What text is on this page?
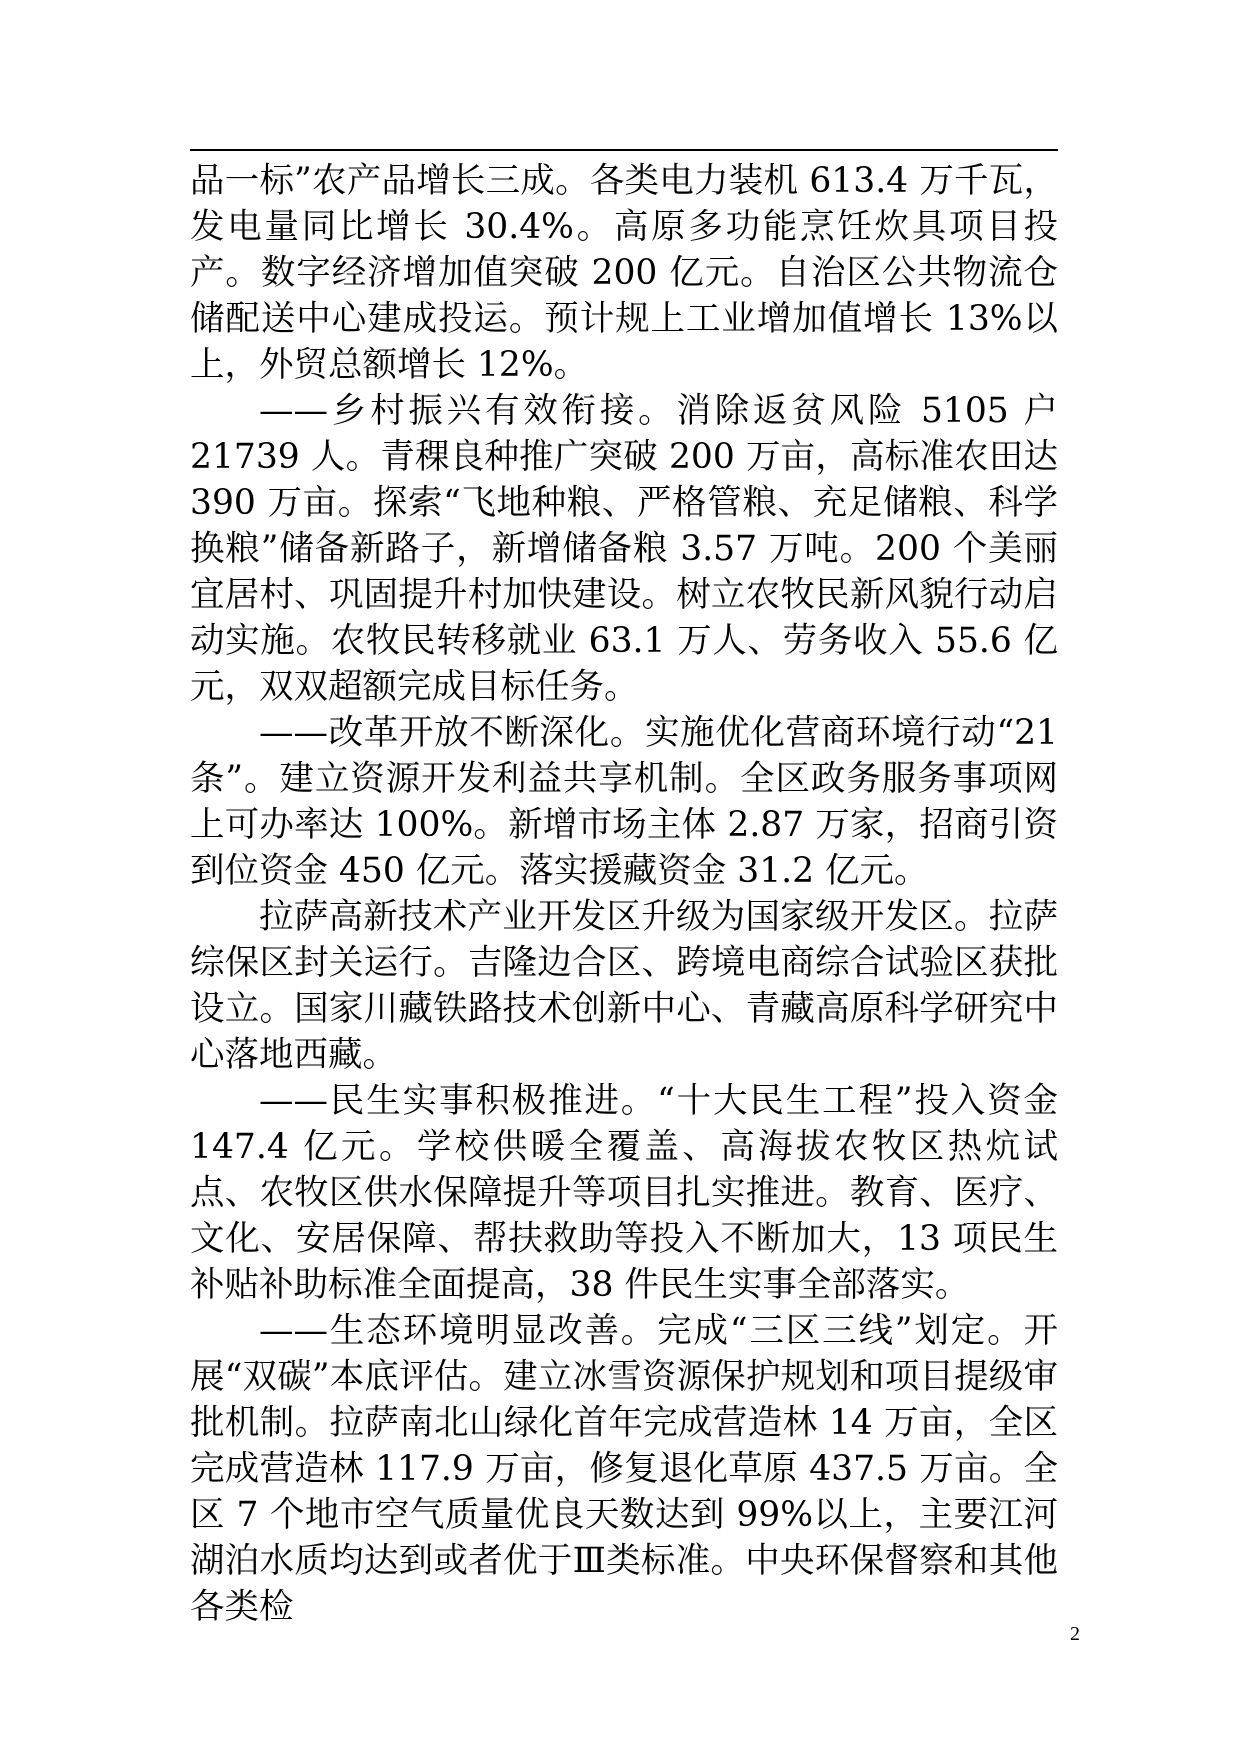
品一标”农产品增长三成。各类电力装机 613.4 万千瓦，发电量同比增长 30.4%。高原多功能烹饪炊具项目投产。数字经济增加值突破 200 亿元。自治区公共物流仓储配送中心建成投运。预计规上工业增加值增长 13%以上，外贸总额增长 12%。

——乡村振兴有效衔接。消除返贫风险 5105 户 21739 人。青稞良种推广突破 200 万亩，高标准农田达 390 万亩。探索“飞地种粮、严格管粮、充足储粮、科学换粮”储备新路子，新增储备粮 3.57 万吨。200 个美丽宜居村、巩固提升村加快建设。树立农牧民新风貌行动启动实施。农牧民转移就业 63.1 万人、劳务收入 55.6 亿元，双双超额完成目标任务。

——改革开放不断深化。实施优化营商环境行动“21 条”。建立资源开发利益共享机制。全区政务服务事项网上可办率达 100%。新增市场主体 2.87 万家，招商引资到位资金 450 亿元。落实援藏资金 31.2 亿元。

拉萨高新技术产业开发区升级为国家级开发区。拉萨综保区封关运行。吉隆边合区、跨境电商综合试验区获批设立。国家川藏铁路技术创新中心、青藏高原科学研究中心落地西藏。

——民生实事积极推进。“十大民生工程”投入资金 147.4 亿元。学校供暖全覆盖、高海拔农牧区热炕试点、农牧区供水保障提升等项目扎实推进。教育、医疗、文化、安居保障、帮扶救助等投入不断加大，13 项民生补贴补助标准全面提高，38 件民生实事全部落实。

——生态环境明显改善。完成“三区三线”划定。开展“双碳”本底评估。建立冰雪资源保护规划和项目提级审批机制。拉萨南北山绿化首年完成营造林 14 万亩，全区完成营造林 117.9 万亩，修复退化草原 437.5 万亩。全区 7 个地市空气质量优良天数达到 99%以上，主要江河湖泊水质均达到或者优于Ⅲ类标准。中央环保督察和其他各类检

2
